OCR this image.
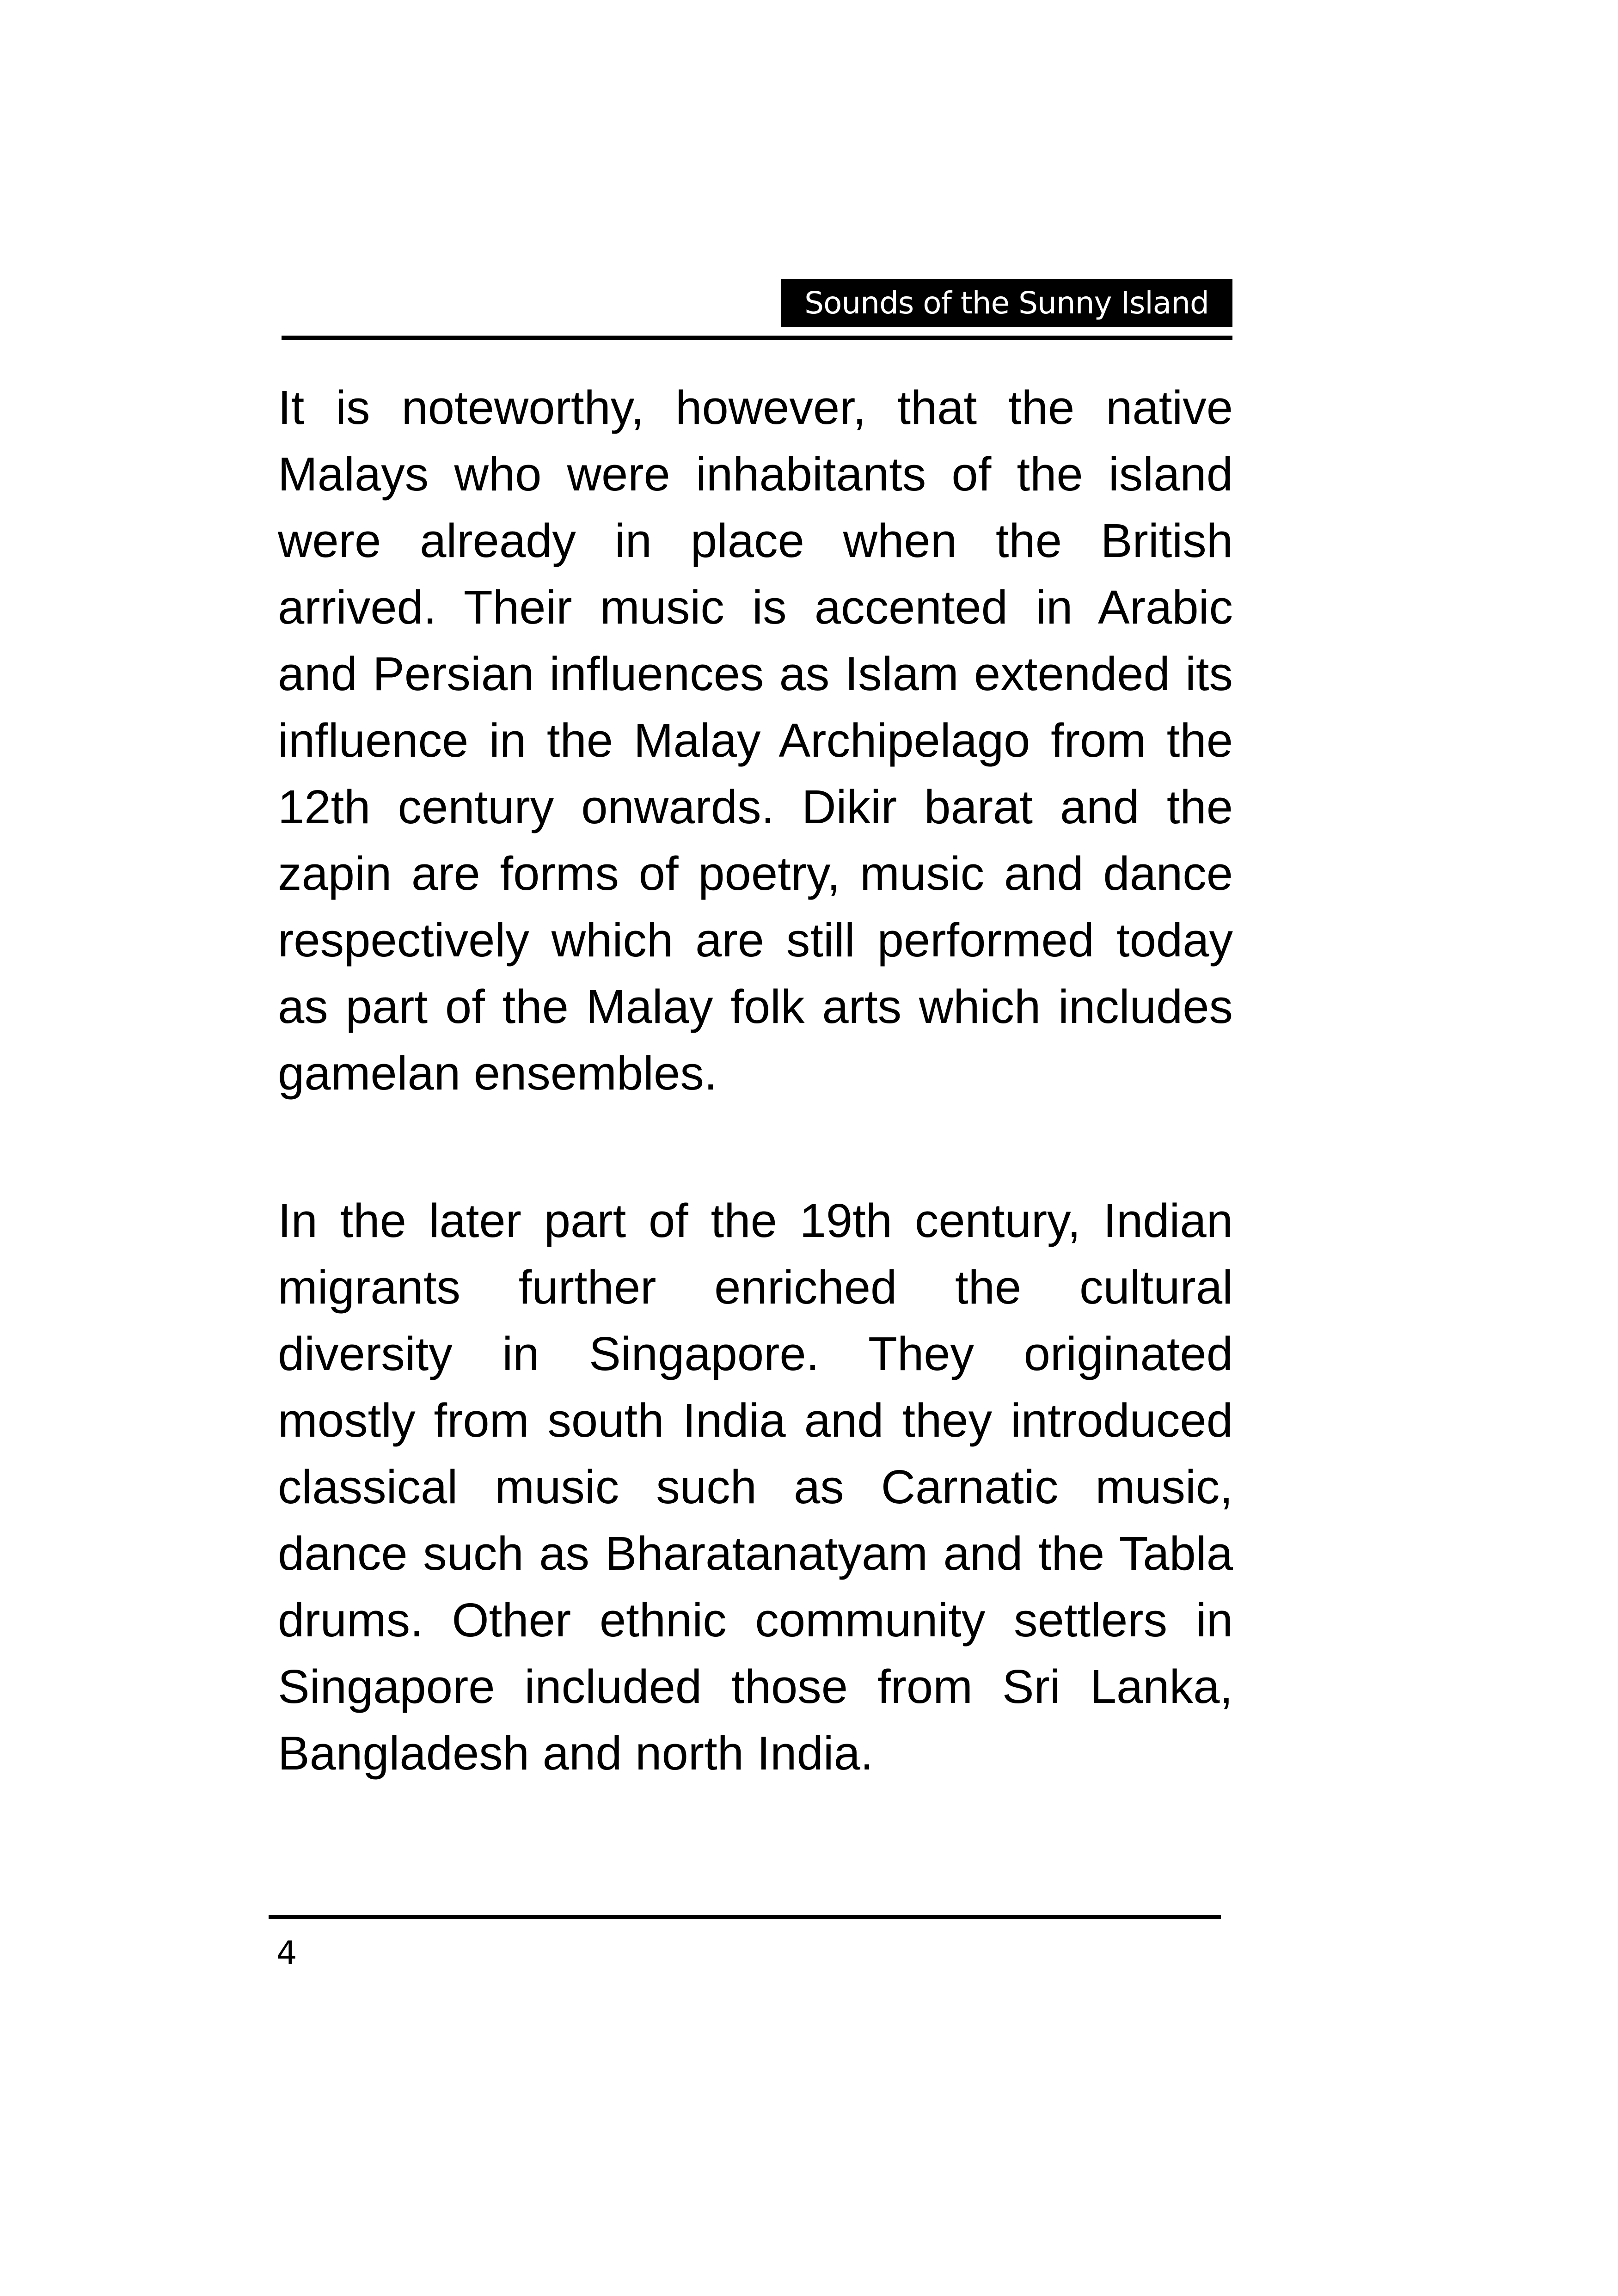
Sounds of the Sunny Island

It is noteworthy, however, that the native Malays who were inhabitants of the island were already in place when the British arrived. Their music is accented in Arabic and Persian influences as Islam extended its influence in the Malay Archipelago from the 12th century onwards. Dikir barat and the zapin are forms of poetry, music and dance respectively which are still performed today as part of the Malay folk arts which includes gamelan ensembles.

In the later part of the 19th century, Indian migrants further enriched the cultural diversity in Singapore. They originated mostly from south India and they introduced classical music such as Carnatic music, dance such as Bharatanatyam and the Tabla drums. Other ethnic community settlers in Singapore included those from Sri Lanka, Bangladesh and north India.

4
